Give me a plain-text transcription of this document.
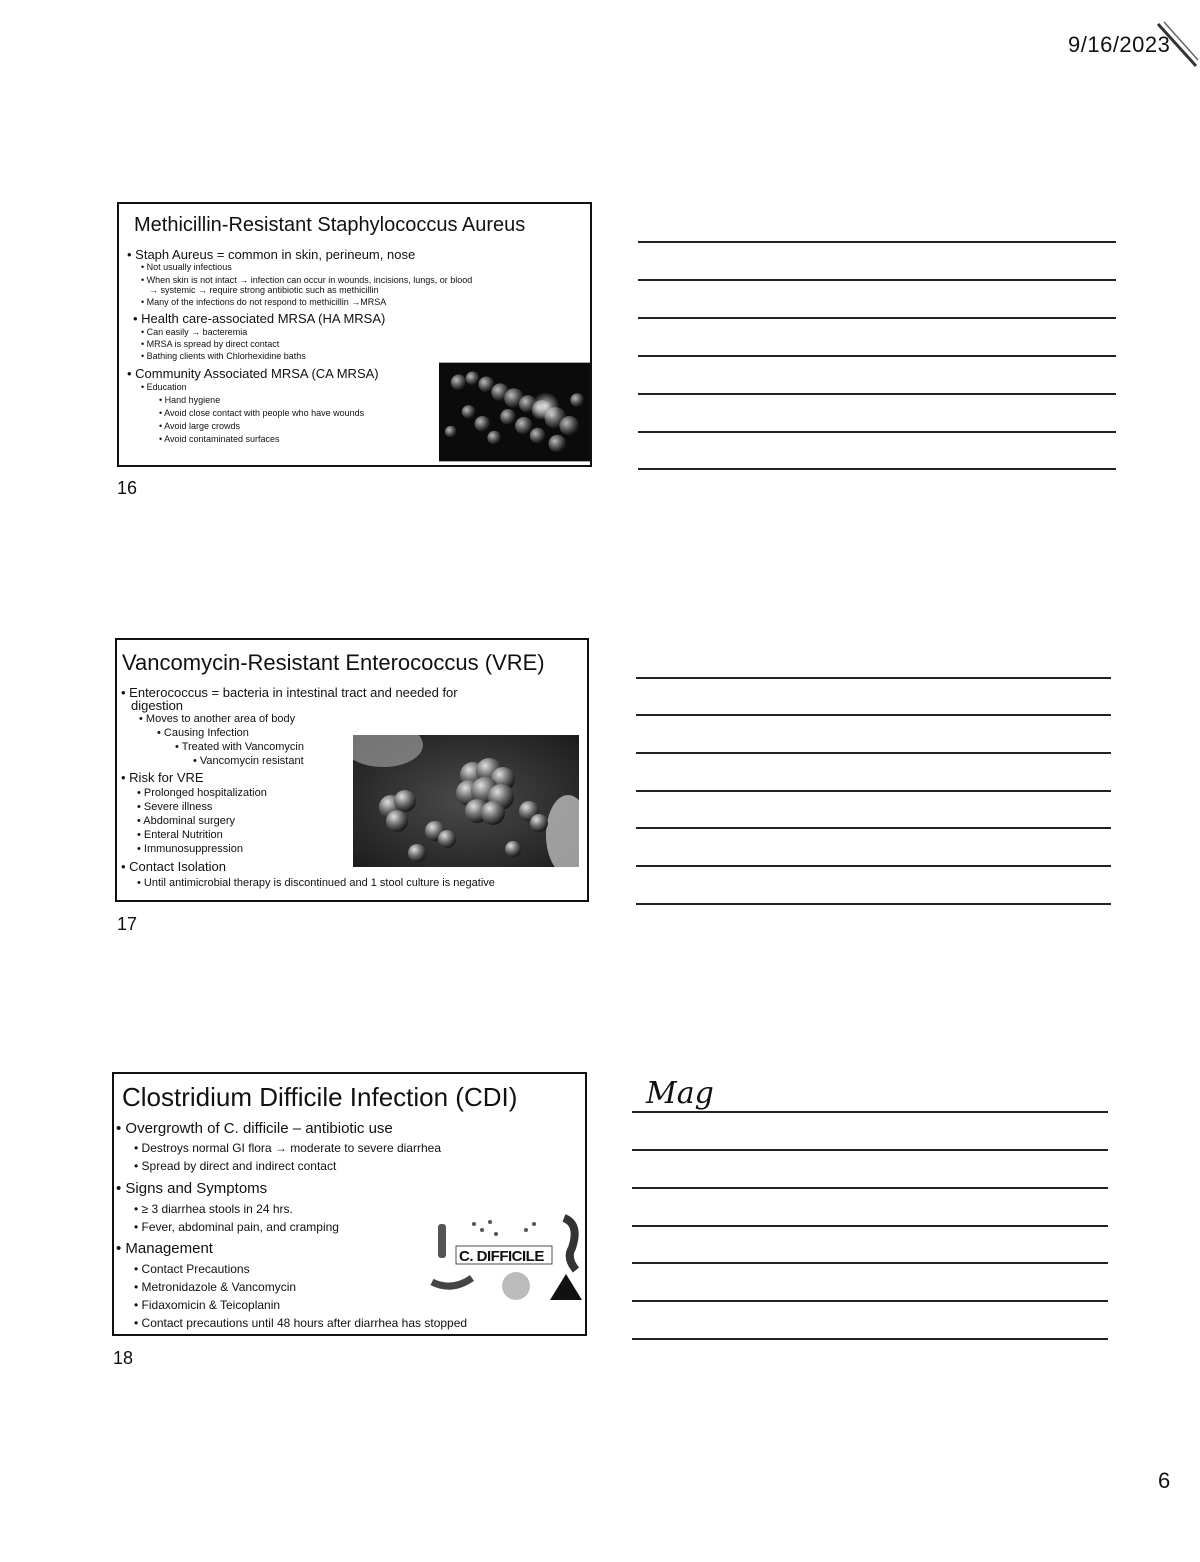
9/16/2023
6
Methicillin-Resistant Staphylococcus Aureus
• Staph Aureus = common in skin, perineum, nose
• Not usually infectious
• When skin is not intact → infection can occur in wounds, incisions, lungs, or blood
→ systemic → require strong antibiotic such as methicillin
• Many of the infections do not respond to methicillin →MRSA
• Health care-associated MRSA (HA MRSA)
• Can easily → bacteremia
• MRSA is spread by direct contact
• Bathing clients with Chlorhexidine baths
• Community Associated MRSA (CA MRSA)
• Education
• Hand hygiene
• Avoid close contact with people who have wounds
• Avoid large crowds
• Avoid contaminated surfaces
16
Vancomycin-Resistant Enterococcus (VRE)
• Enterococcus = bacteria in intestinal tract and needed for
digestion
• Moves to another area of body
• Causing Infection
• Treated with Vancomycin
• Vancomycin resistant
• Risk for VRE
• Prolonged hospitalization
• Severe illness
• Abdominal surgery
• Enteral Nutrition
• Immunosuppression
• Contact Isolation
• Until antimicrobial therapy is discontinued and 1 stool culture is negative
17
Clostridium Difficile Infection (CDI)
• Overgrowth of C. difficile – antibiotic use
• Destroys normal GI flora → moderate to severe diarrhea
• Spread by direct and indirect contact
• Signs and Symptoms
• ≥ 3 diarrhea stools in 24 hrs.
• Fever, abdominal pain, and cramping
• Management
• Contact Precautions
• Metronidazole & Vancomycin
• Fidaxomicin & Teicoplanin
• Contact precautions until 48 hours after diarrhea has stopped
C. DIFFICILE
18
Mag
